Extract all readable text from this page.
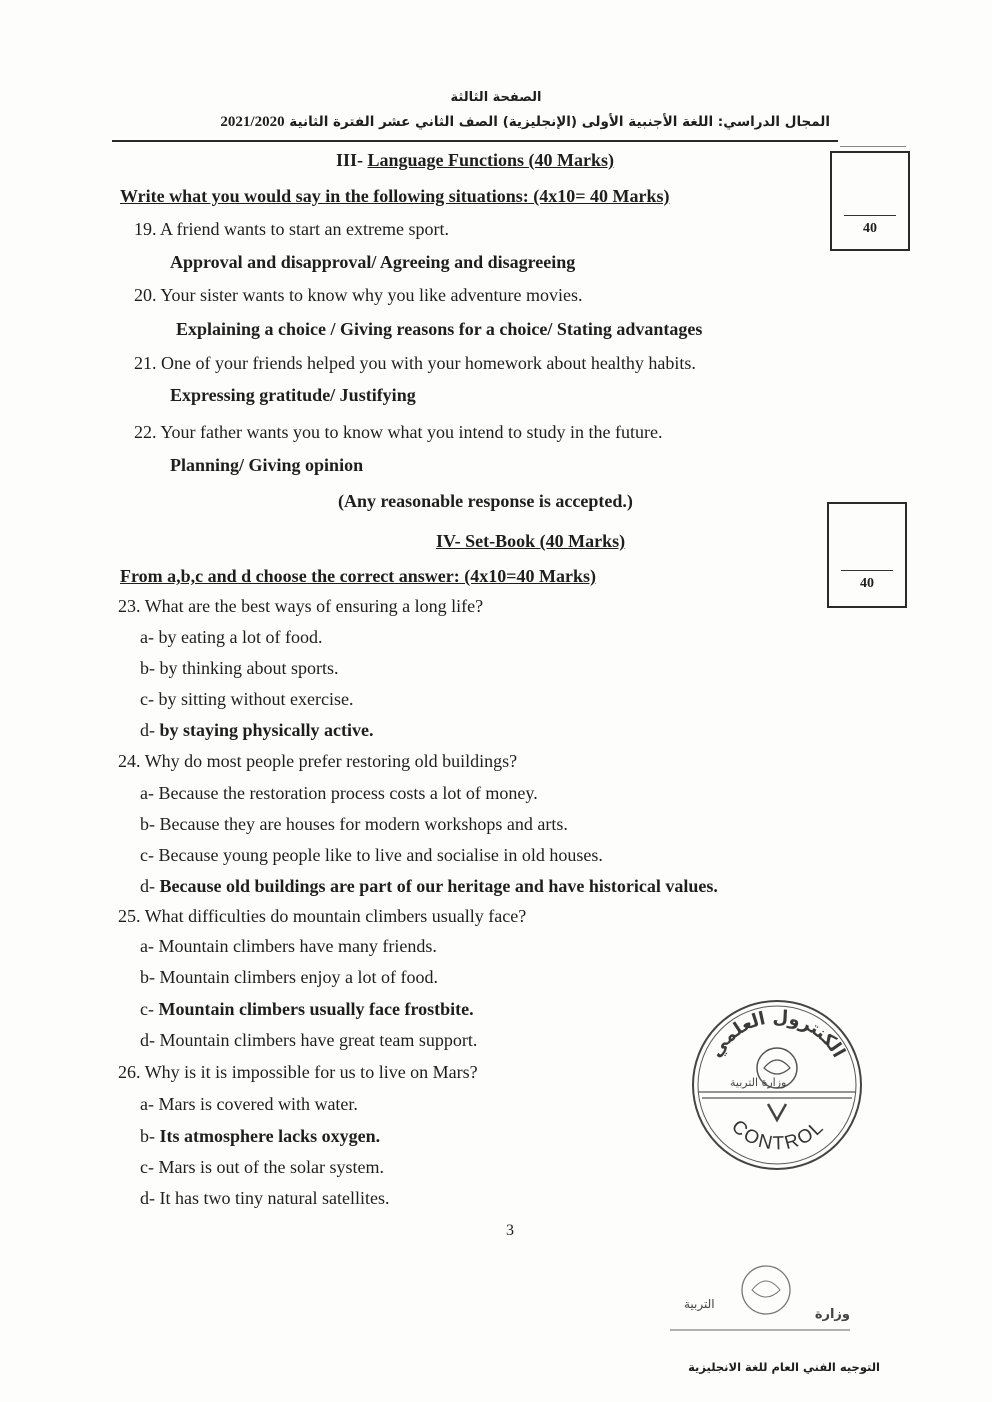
الصفحة الثالثة
المجال الدراسي: اللغة الأجنبية الأولى (الإنجليزية) الصف الثاني عشر الفترة الثانية 2021/2020
III- Language Functions (40 Marks)
Write what you would say in the following situations: (4x10= 40 Marks)
40
19. A friend wants to start an extreme sport.
Approval and disapproval/ Agreeing and disagreeing
20. Your sister wants to know why you like adventure movies.
Explaining a choice / Giving reasons for a choice/ Stating advantages
21. One of your friends helped you with your homework about healthy habits.
Expressing gratitude/ Justifying
22. Your father wants you to know what you intend to study in the future.
Planning/ Giving opinion
(Any reasonable response is accepted.)
IV- Set-Book (40 Marks)
From a,b,c and d choose the correct answer: (4x10=40 Marks)	40
23. What are the best ways of ensuring a long life?
a- by eating a lot of food.
b- by thinking about sports.
c- by sitting without exercise.
d- by staying physically active.
24. Why do most people prefer restoring old buildings?
a- Because the restoration process costs a lot of money.
b- Because they are houses for modern workshops and arts.
c- Because young people like to live and socialise in old houses.
d- Because old buildings are part of our heritage and have historical values.
25. What difficulties do mountain climbers usually face?
a- Mountain climbers have many friends.
b- Mountain climbers enjoy a lot of food.
c- Mountain climbers usually face frostbite.
d- Mountain climbers have great team support.
26. Why is it is impossible for us to live on Mars?
a- Mars is covered with water.
b- Its atmosphere lacks oxygen.
c- Mars is out of the solar system.
d- It has two tiny natural satellites.
الكنترول العلمي
وزارة التربية
CONTROL
3
وزارة
التربية
التوجيه الفني العام للغة الانجليزية
